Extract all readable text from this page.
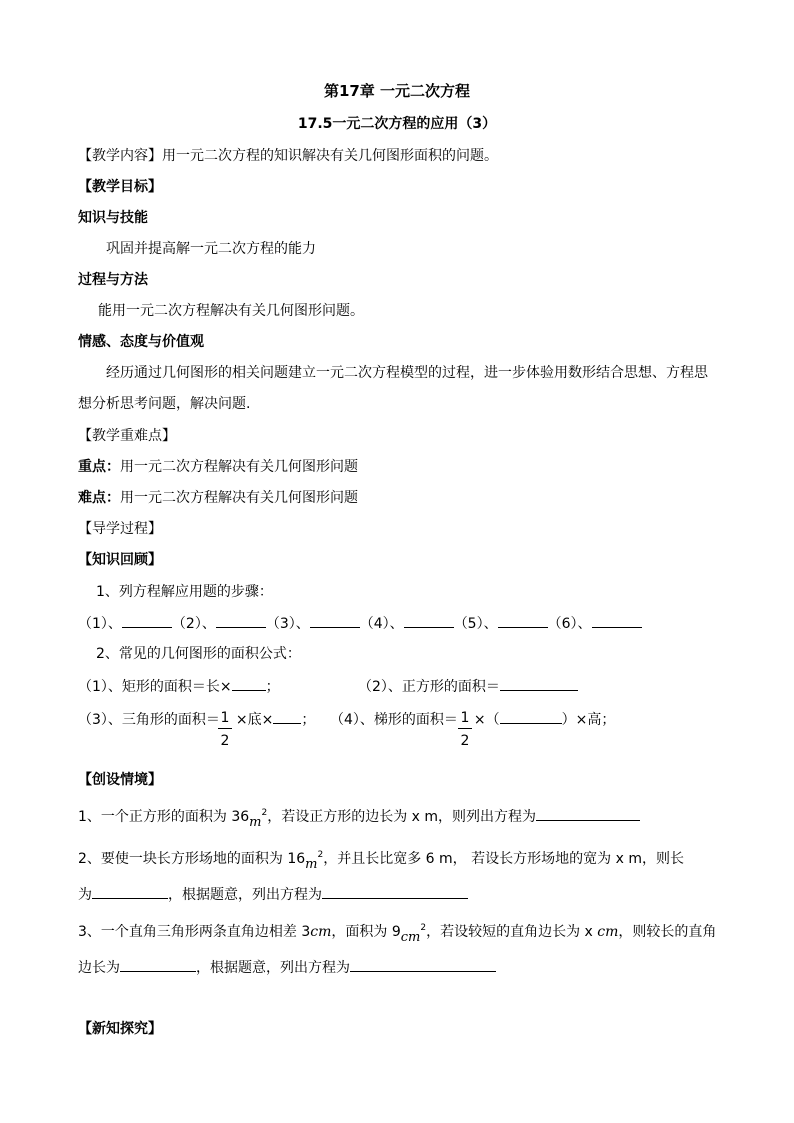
第17章 一元二次方程
17.5一元二次方程的应用（3）
【教学内容】用一元二次方程的知识解决有关几何图形面积的问题。
【教学目标】
知识与技能
巩固并提高解一元二次方程的能力
过程与方法
能用一元二次方程解决有关几何图形问题。
情感、态度与价值观
经历通过几何图形的相关问题建立一元二次方程模型的过程，进一步体验用数形结合思想、方程思
想分析思考问题，解决问题.
【教学重难点】
重点：用一元二次方程解决有关几何图形问题
难点：用一元二次方程解决有关几何图形问题
【导学过程】
【知识回顾】
1、列方程解应用题的步骤：
（1）、	（2）、	（3）、	（4）、	（5）、	（6）、
2、常见的几何图形的面积公式：
（1）、矩形的面积＝长× ；	（2）、正方形的面积＝
（3）、三角形的面积＝ ×底× ；
$\frac{1}{2}$	（4）、梯形的面积＝ ×（	）×高；
$\frac{1}{2}$
【创设情境】
1、一个正方形的面积为 $36m^2$，若设正方形的边长为 x m，则列出方程为
2、要使一块长方形场地的面积为 $16m^2$，并且长比宽多 6 m， 若设长方形场地的宽为 x m，则长
为	，根据题意，列出方程为
3、一个直角三角形两条直角边相差 3cm，面积为 $9cm^2$，若设较短的直角边长为 x cm，则较长的直角
边长为	，根据题意，列出方程为
【新知探究】
